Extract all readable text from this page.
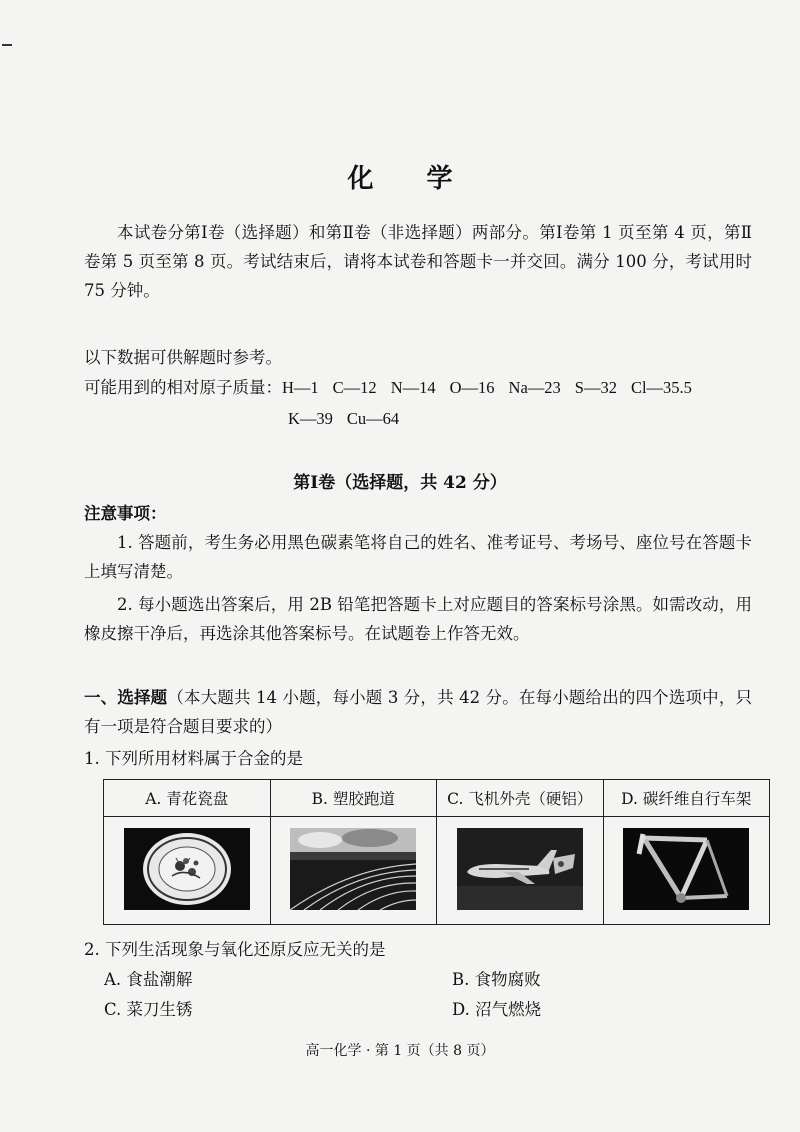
化 学
本试卷分第Ⅰ卷（选择题）和第Ⅱ卷（非选择题）两部分。第Ⅰ卷第 1 页至第 4 页，第Ⅱ卷第 5 页至第 8 页。考试结束后，请将本试卷和答题卡一并交回。满分 100 分，考试用时 75 分钟。
以下数据可供解题时参考。
可能用到的相对原子质量：H—1 C—12 N—14 O—16 Na—23 S—32 Cl—35.5
K—39 Cu—64
第Ⅰ卷（选择题，共 42 分）
注意事项：
1. 答题前，考生务必用黑色碳素笔将自己的姓名、准考证号、考场号、座位号在答题卡上填写清楚。
2. 每小题选出答案后，用 2B 铅笔把答题卡上对应题目的答案标号涂黑。如需改动，用橡皮擦干净后，再选涂其他答案标号。在试题卷上作答无效。
一、选择题（本大题共 14 小题，每小题 3 分，共 42 分。在每小题给出的四个选项中，只有一项是符合题目要求的）
1. 下列所用材料属于合金的是
A. 青花瓷盘	B. 塑胶跑道	C. 飞机外壳（硬铝）	D. 碳纤维自行车架

2. 下列生活现象与氧化还原反应无关的是
A. 食盐潮解	B. 食物腐败
C. 菜刀生锈	D. 沼气燃烧
高一化学 · 第 1 页（共 8 页）
